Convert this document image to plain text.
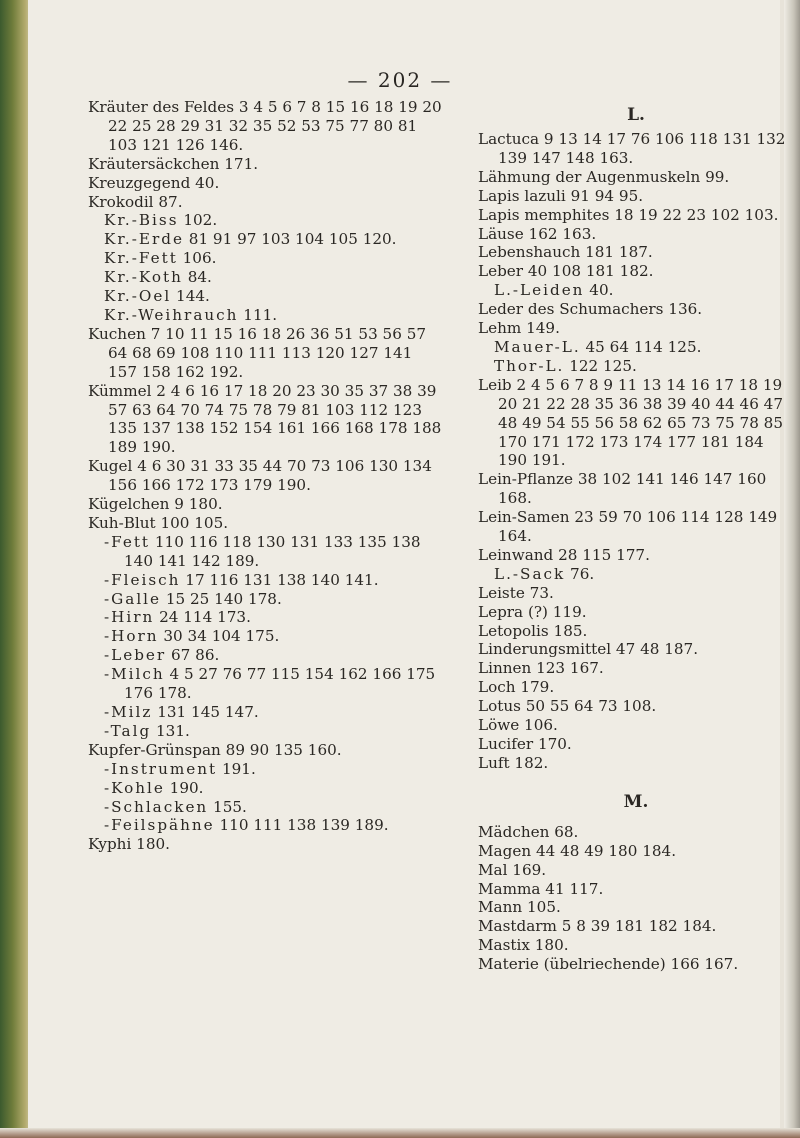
— 202 —

Kräuter des Feldes 3 4 5 6 7 8 15 16 18 19 20 22 25 28 29 31 32 35 52 53 75 77 80 81 103 121 126 146.

Kräutersäckchen 171.

Kreuzgegend 40.

Krokodil 87.

Kr.-Biss 102.

Kr.-Erde 81 91 97 103 104 105 120.

Kr.-Fett 106.

Kr.-Koth 84.

Kr.-Oel 144.

Kr.-Weihrauch 111.

Kuchen 7 10 11 15 16 18 26 36 51 53 56 57 64 68 69 108 110 111 113 120 127 141 157 158 162 192.

Kümmel 2 4 6 16 17 18 20 23 30 35 37 38 39 57 63 64 70 74 75 78 79 81 103 112 123 135 137 138 152 154 161 166 168 178 188 189 190.

Kugel 4 6 30 31 33 35 44 70 73 106 130 134 156 166 172 173 179 190.

Kügelchen 9 180.

Kuh-Blut 100 105.

-Fett 110 116 118 130 131 133 135 138 140 141 142 189.

-Fleisch 17 116 131 138 140 141.

-Galle 15 25 140 178.

-Hirn 24 114 173.

-Horn 30 34 104 175.

-Leber 67 86.

-Milch 4 5 27 76 77 115 154 162 166 175 176 178.

-Milz 131 145 147.

-Talg 131.

Kupfer-Grünspan 89 90 135 160.

-Instrument 191.

-Kohle 190.

-Schlacken 155.

-Feilspähne 110 111 138 139 189.

Kyphi 180.

L.

Lactuca 9 13 14 17 76 106 118 131 132 139 147 148 163.

Lähmung der Augenmuskeln 99.

Lapis lazuli 91 94 95.

Lapis memphites 18 19 22 23 102 103.

Läuse 162 163.

Lebenshauch 181 187.

Leber 40 108 181 182.

L.-Leiden 40.

Leder des Schumachers 136.

Lehm 149.

Mauer-L. 45 64 114 125.

Thor-L. 122 125.

Leib 2 4 5 6 7 8 9 11 13 14 16 17 18 19 20 21 22 28 35 36 38 39 40 44 46 47 48 49 54 55 56 58 62 65 73 75 78 85 170 171 172 173 174 177 181 184 190 191.

Lein-Pflanze 38 102 141 146 147 160 168.

Lein-Samen 23 59 70 106 114 128 149 164.

Leinwand 28 115 177.

L.-Sack 76.

Leiste 73.

Lepra (?) 119.

Letopolis 185.

Linderungsmittel 47 48 187.

Linnen 123 167.

Loch 179.

Lotus 50 55 64 73 108.

Löwe 106.

Lucifer 170.

Luft 182.

M.

Mädchen 68.

Magen 44 48 49 180 184.

Mal 169.

Mamma 41 117.

Mann 105.

Mastdarm 5 8 39 181 182 184.

Mastix 180.

Materie (übelriechende) 166 167.
